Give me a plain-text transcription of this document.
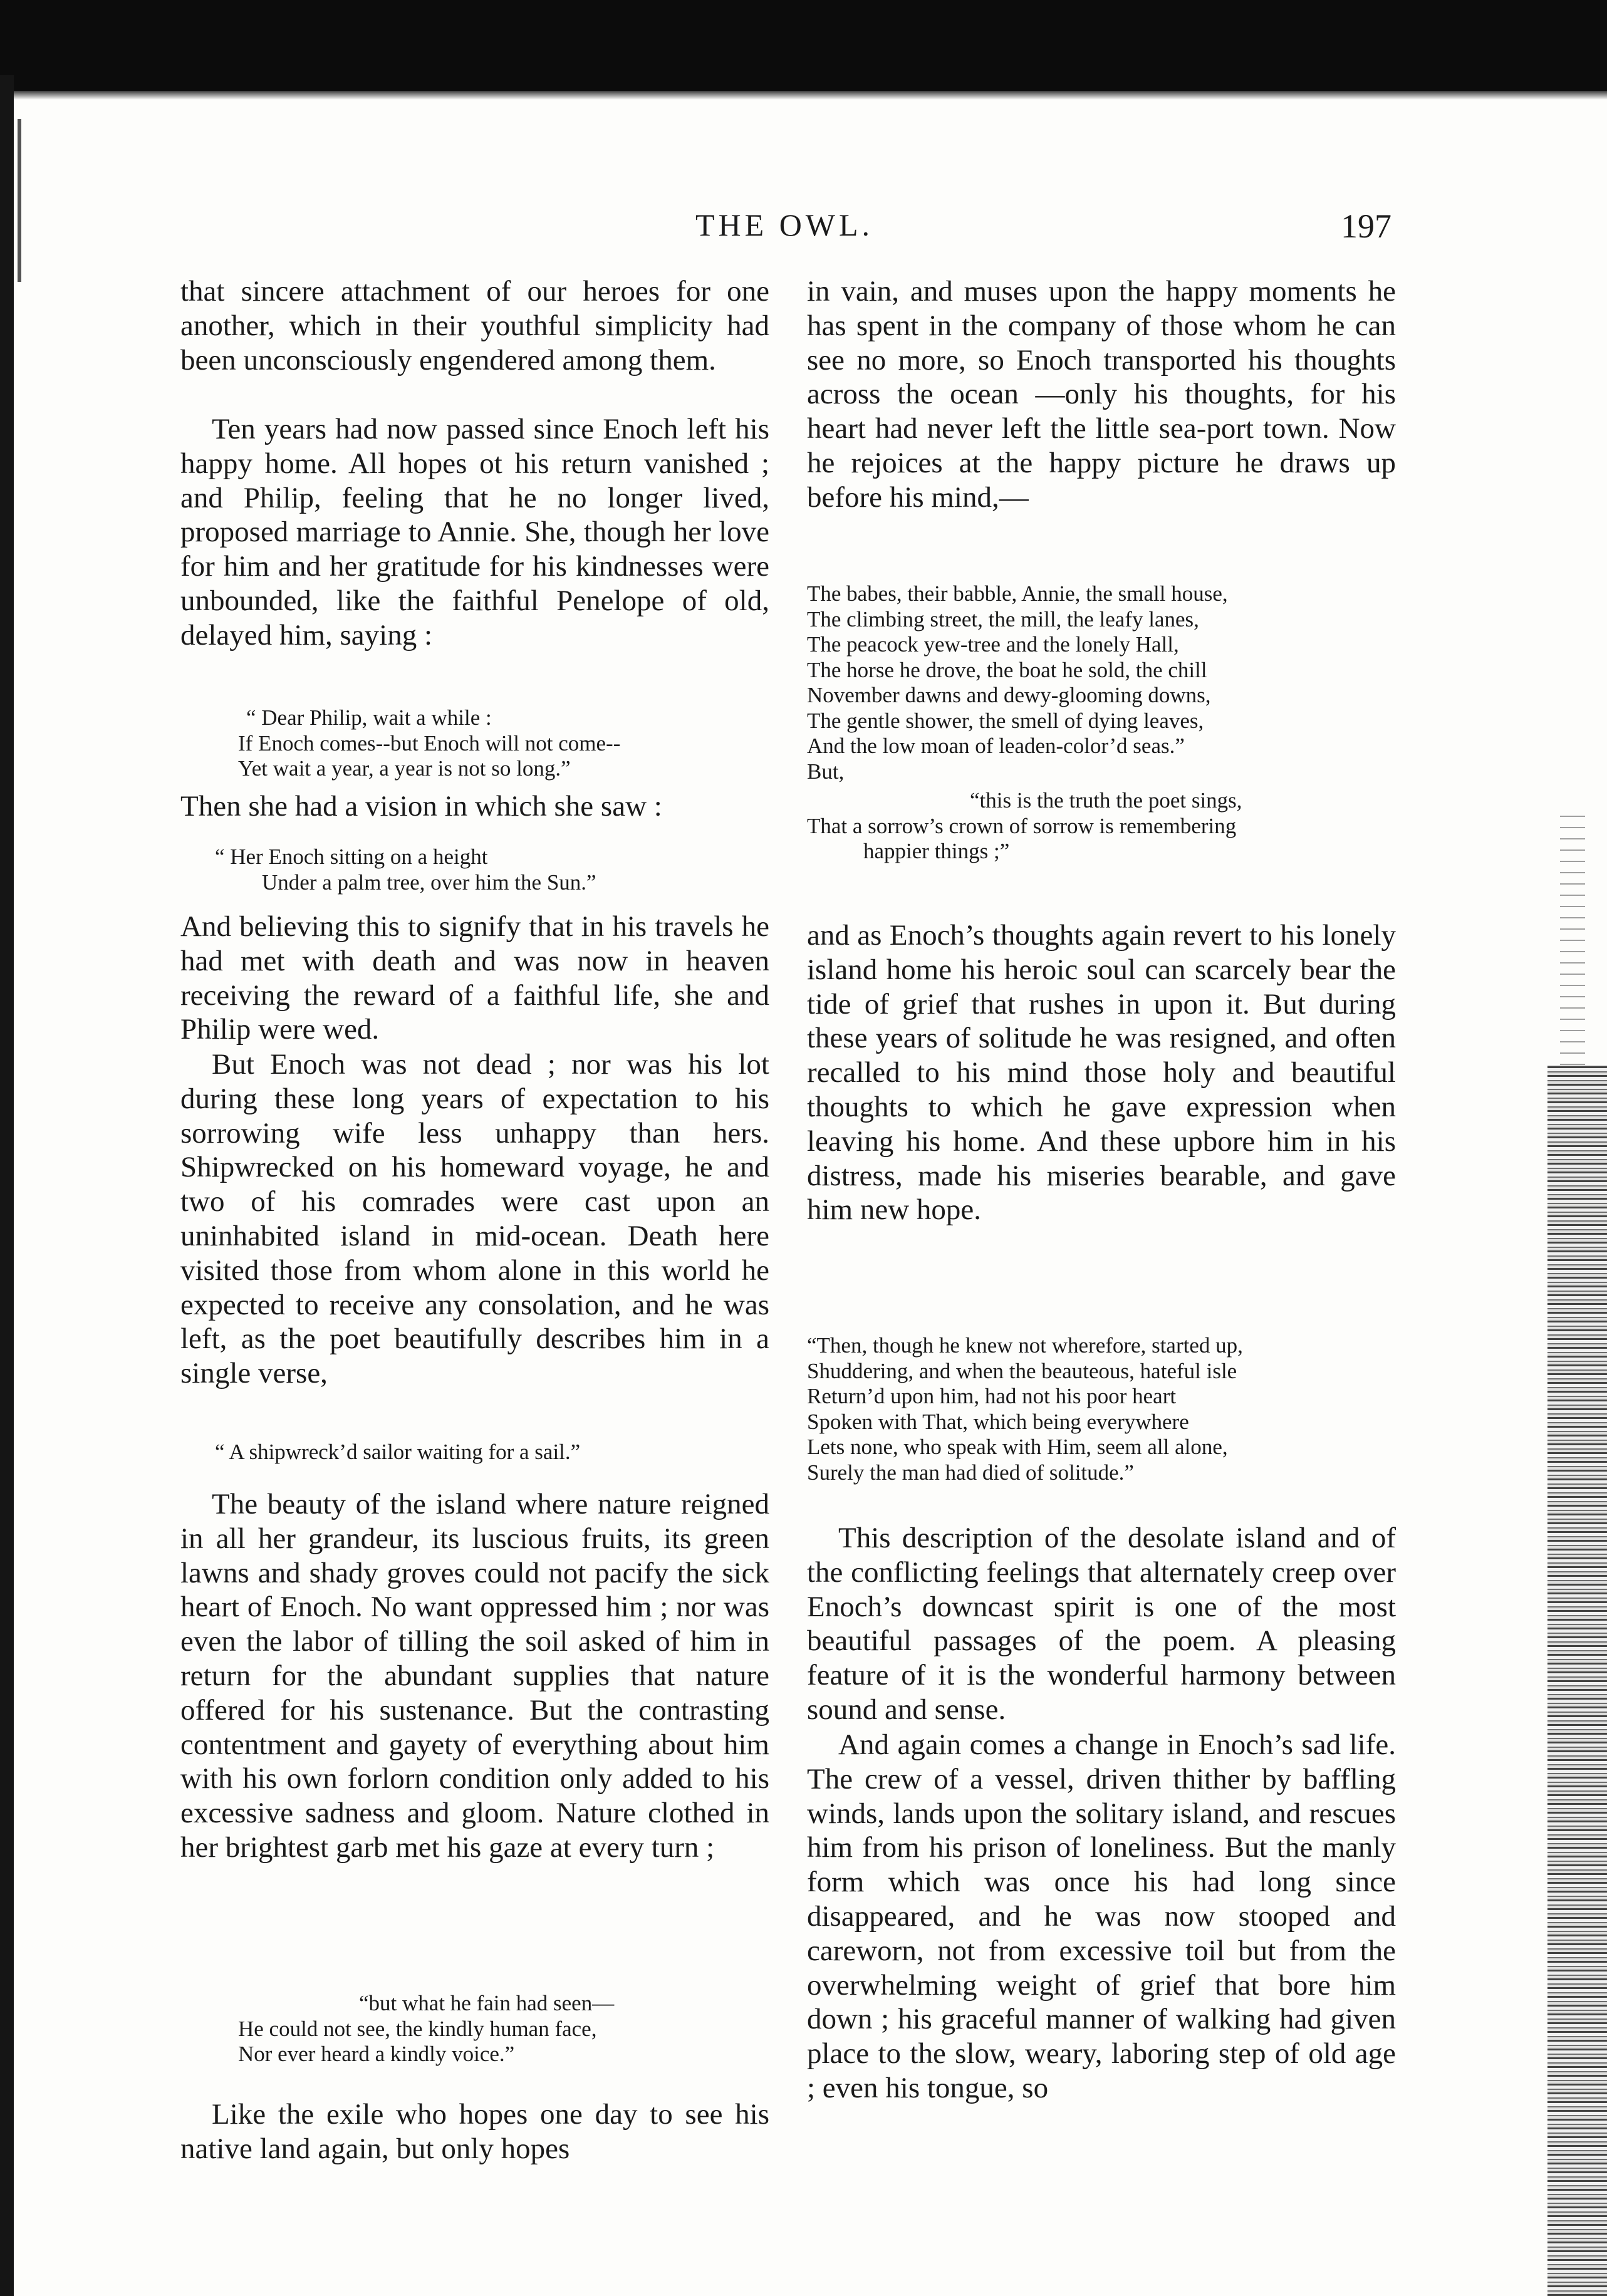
THE OWL.	197

that sincere attachment of our heroes for one another, which in their youthful simplicity had been unconsciously engendered among them.

Ten years had now passed since Enoch left his happy home. All hopes ot his return vanished ; and Philip, feeling that he no longer lived, proposed marriage to Annie. She, though her love for him and her gratitude for his kindnesses were unbounded, like the faithful Penelope of old, delayed him, saying :

“ Dear Philip, wait a while :
If Enoch comes--but Enoch will not come--
Yet wait a year, a year is not so long.”

Then she had a vision in which she saw :

“ Her Enoch sitting on a height
Under a palm tree, over him the Sun.”

And believing this to signify that in his travels he had met with death and was now in heaven receiving the reward of a faithful life, she and Philip were wed.

But Enoch was not dead ; nor was his lot during these long years of expectation to his sorrowing wife less unhappy than hers. Shipwrecked on his homeward voyage, he and two of his comrades were cast upon an uninhabited island in mid-ocean. Death here visited those from whom alone in this world he expected to receive any consolation, and he was left, as the poet beautifully describes him in a single verse,

“ A shipwreck’d sailor waiting for a sail.”

The beauty of the island where nature reigned in all her grandeur, its luscious fruits, its green lawns and shady groves could not pacify the sick heart of Enoch. No want oppressed him ; nor was even the labor of tilling the soil asked of him in return for the abundant supplies that nature offered for his sustenance. But the contrasting contentment and gayety of everything about him with his own forlorn condition only added to his excessive sadness and gloom. Nature clothed in her brightest garb met his gaze at every turn ;

“but what he fain had seen—
He could not see, the kindly human face,
Nor ever heard a kindly voice.”

Like the exile who hopes one day to see his native land again, but only hopes

in vain, and muses upon the happy moments he has spent in the company of those whom he can see no more, so Enoch transported his thoughts across the ocean —only his thoughts, for his heart had never left the little sea-port town. Now he rejoices at the happy picture he draws up before his mind,—

The babes, their babble, Annie, the small house,
The climbing street, the mill, the leafy lanes,
The peacock yew-tree and the lonely Hall,
The horse he drove, the boat he sold, the chill
November dawns and dewy-glooming downs,
The gentle shower, the smell of dying leaves,
And the low moan of leaden-color’d seas.”
But,
“this is the truth the poet sings,
That a sorrow’s crown of sorrow is remembering
happier things ;”

and as Enoch’s thoughts again revert to his lonely island home his heroic soul can scarcely bear the tide of grief that rushes in upon it. But during these years of solitude he was resigned, and often recalled to his mind those holy and beautiful thoughts to which he gave expression when leaving his home. And these upbore him in his distress, made his miseries bearable, and gave him new hope.

“Then, though he knew not wherefore, started up,
Shuddering, and when the beauteous, hateful isle
Return’d upon him, had not his poor heart
Spoken with That, which being everywhere
Lets none, who speak with Him, seem all alone,
Surely the man had died of solitude.”

This description of the desolate island and of the conflicting feelings that alternately creep over Enoch’s downcast spirit is one of the most beautiful passages of the poem. A pleasing feature of it is the wonderful harmony between sound and sense.

And again comes a change in Enoch’s sad life. The crew of a vessel, driven thither by baffling winds, lands upon the solitary island, and rescues him from his prison of loneliness. But the manly form which was once his had long since disappeared, and he was now stooped and careworn, not from excessive toil but from the overwhelming weight of grief that bore him down ; his graceful manner of walking had given place to the slow, weary, laboring step of old age ; even his tongue, so
